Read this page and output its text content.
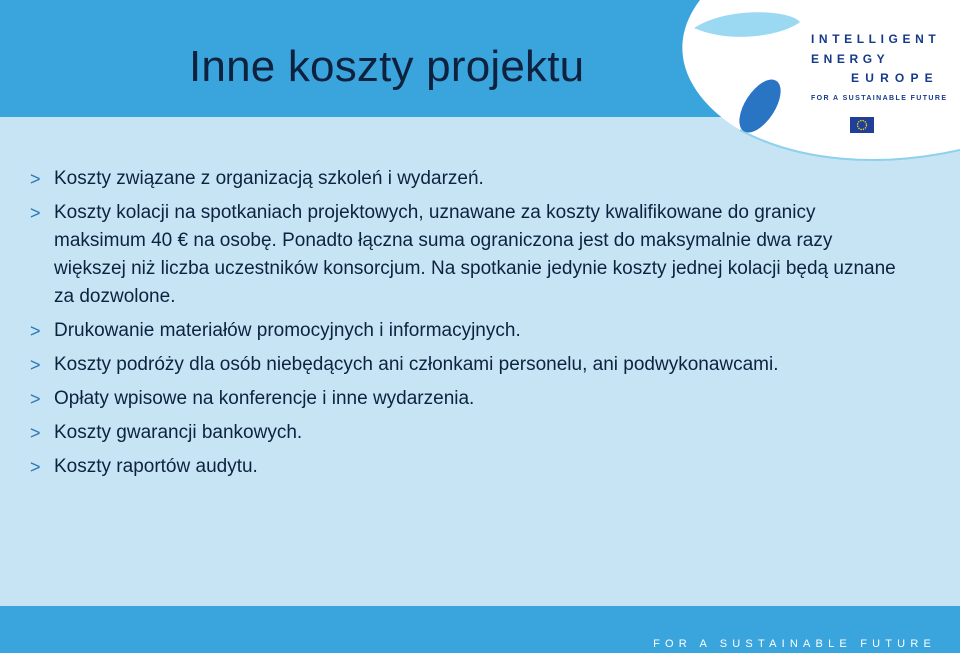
INTELLIGENT
ENERGY
EUROPE
FOR A SUSTAINABLE FUTURE
Inne koszty projektu
> Koszty związane z organizacją szkoleń i wydarzeń.
> Koszty kolacji na spotkaniach projektowych, uznawane za koszty kwalifikowane do granicy maksimum 40 € na osobę. Ponadto łączna suma ograniczona jest do maksymalnie dwa razy większej niż liczba uczestników konsorcjum. Na spotkanie jedynie koszty jednej kolacji będą uznane za dozwolone.
> Drukowanie materiałów promocyjnych i informacyjnych.
> Koszty podróży dla osób niebędących ani członkami personelu, ani podwykonawcami.
> Opłaty wpisowe na konferencje i inne wydarzenia.
> Koszty gwarancji bankowych.
> Koszty raportów audytu.
FOR A SUSTAINABLE FUTURE
